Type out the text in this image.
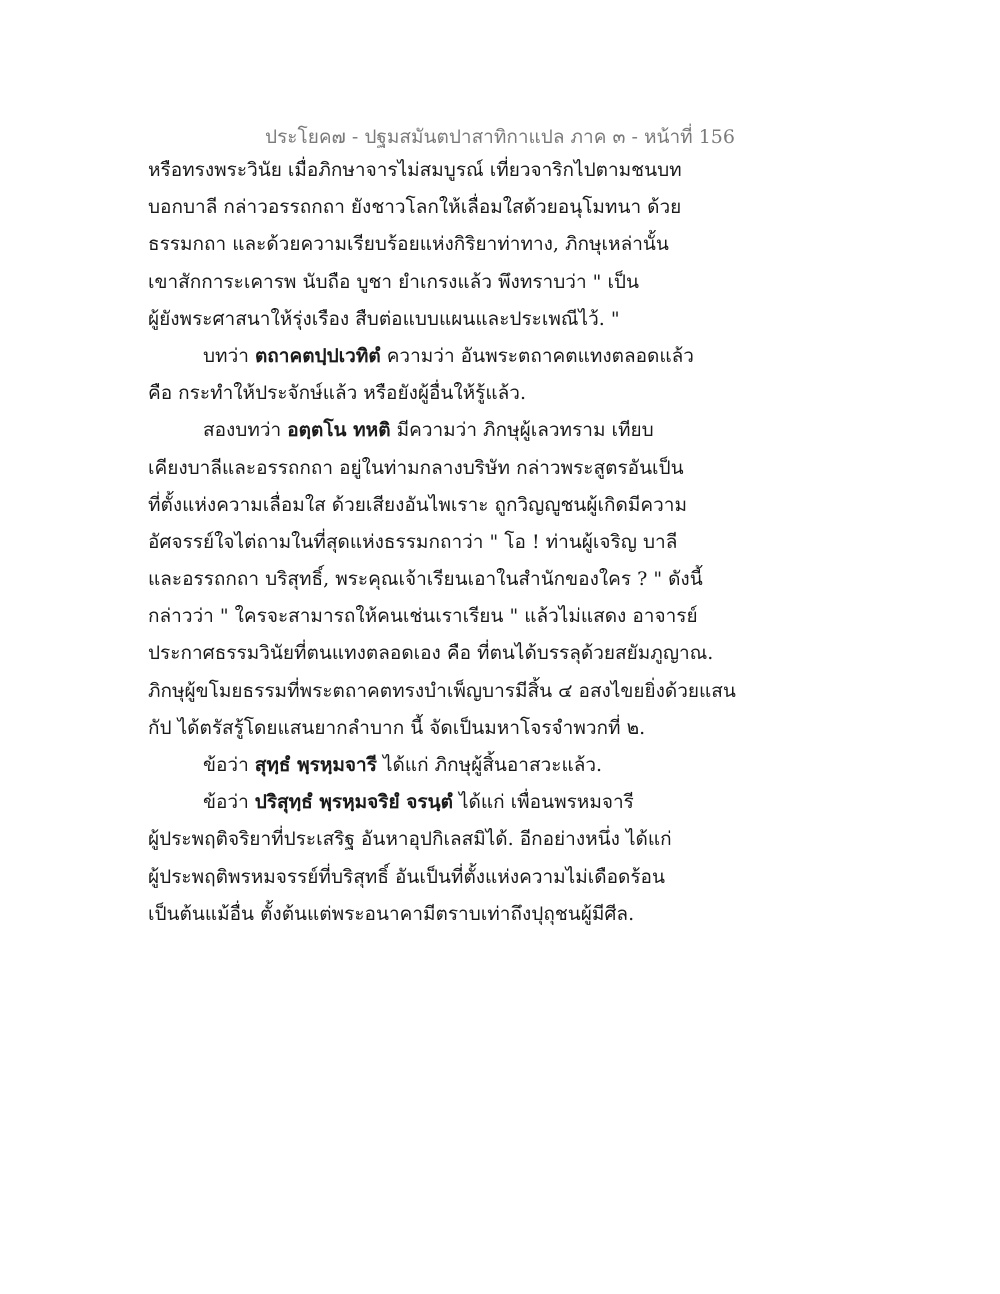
ประโยค๗ - ปฐมสมันตปาสาทิกาแปล ภาค ๓ - หน้าที่ 156
หรือทรงพระวินัย เมื่อภิกษาจารไม่สมบูรณ์ เที่ยวจาริกไปตามชนบท
บอกบาลี กล่าวอรรถกถา ยังชาวโลกให้เลื่อมใสด้วยอนุโมทนา ด้วย
ธรรมกถา และด้วยความเรียบร้อยแห่งกิริยาท่าทาง, ภิกษุเหล่านั้น
เขาสักการะเคารพ นับถือ บูชา ยำเกรงแล้ว พึงทราบว่า " เป็น
ผู้ยังพระศาสนาให้รุ่งเรือง สืบต่อแบบแผนและประเพณีไว้. "
บทว่า ตถาคตปฺปเวทิตํ ความว่า อันพระตถาคตแทงตลอดแล้ว
คือ กระทำให้ประจักษ์แล้ว หรือยังผู้อื่นให้รู้แล้ว.
สองบทว่า อตฺตโน ทหติ มีความว่า ภิกษุผู้เลวทราม เทียบ
เคียงบาลีและอรรถกถา อยู่ในท่ามกลางบริษัท กล่าวพระสูตรอันเป็น
ที่ตั้งแห่งความเลื่อมใส ด้วยเสียงอันไพเราะ ถูกวิญญูชนผู้เกิดมีความ
อัศจรรย์ใจไต่ถามในที่สุดแห่งธรรมกถาว่า " โอ ! ท่านผู้เจริญ บาลี
และอรรถกถา บริสุทธิ์, พระคุณเจ้าเรียนเอาในสำนักของใคร ? " ดังนี้
กล่าวว่า " ใครจะสามารถให้คนเช่นเราเรียน " แล้วไม่แสดง อาจารย์
ประกาศธรรมวินัยที่ตนแทงตลอดเอง คือ ที่ตนได้บรรลุด้วยสยัมภูญาณ.
ภิกษุผู้ขโมยธรรมที่พระตถาคตทรงบำเพ็ญบารมีสิ้น ๔ อสงไขยยิ่งด้วยแสน
กัป ได้ตรัสรู้โดยแสนยากลำบาก นี้ จัดเป็นมหาโจรจำพวกที่ ๒.
ข้อว่า สุทฺธํ พฺรหฺมจารี ได้แก่ ภิกษุผู้สิ้นอาสวะแล้ว.
ข้อว่า ปริสุทฺธํ พฺรหฺมจริยํ จรนฺตํ ได้แก่ เพื่อนพรหมจารี
ผู้ประพฤติจริยาที่ประเสริฐ อันหาอุปกิเลสมิได้. อีกอย่างหนึ่ง ได้แก่
ผู้ประพฤติพรหมจรรย์ที่บริสุทธิ์ อันเป็นที่ตั้งแห่งความไม่เดือดร้อน
เป็นต้นแม้อื่น ตั้งต้นแต่พระอนาคามีตราบเท่าถึงปุถุชนผู้มีศีล.
